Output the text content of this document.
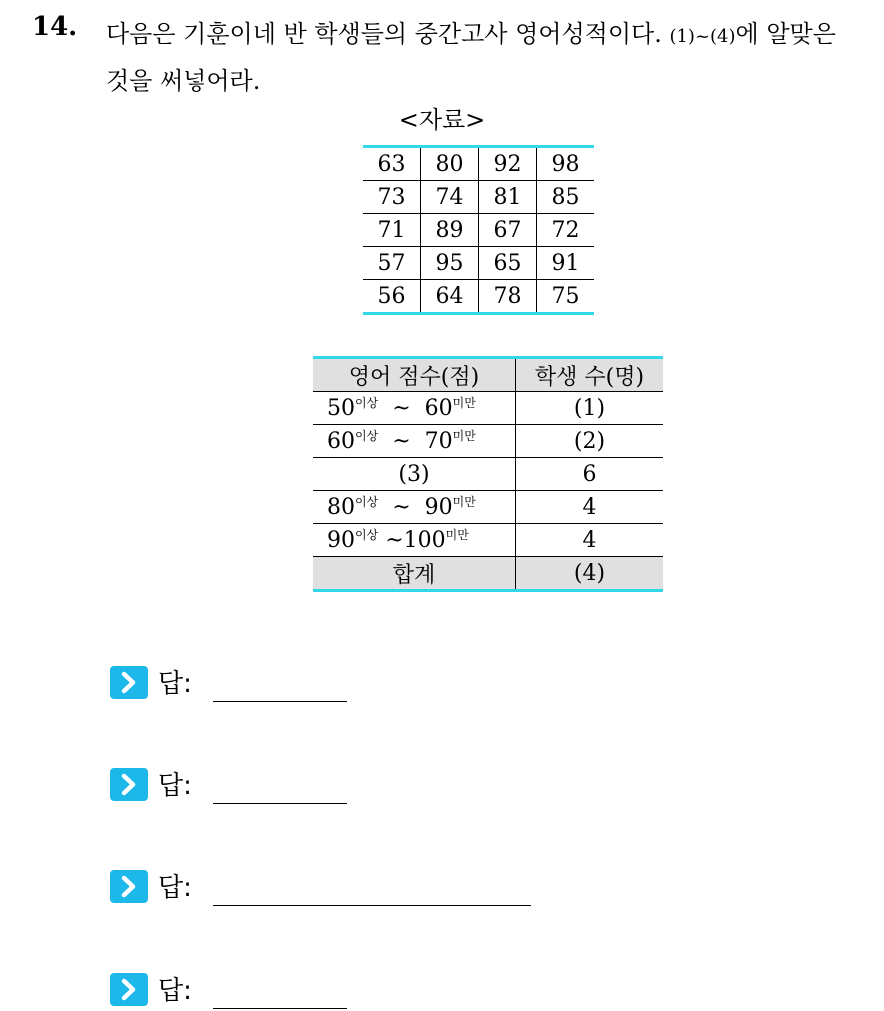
14. 다음은 기훈이네 반 학생들의 중간고사 영어성적이다. (1)~(4)에 알맞은 것을 써넣어라.
<자료>
63	80	92	98
73	74	81	85
71	89	67	72
57	95	65	91
56	64	78	75
영어 점수(점)	학생 수(명)
$50^{이상}$ ~ $60^{미만}$	(1)
$60^{이상}$ ~ $70^{미만}$	(2)
(3)	6
$80^{이상}$ ~ $90^{미만}$	4
$90^{이상}$ $\sim 100^{미만}$	4
합계	(4)
답:
답:
답:
답:
